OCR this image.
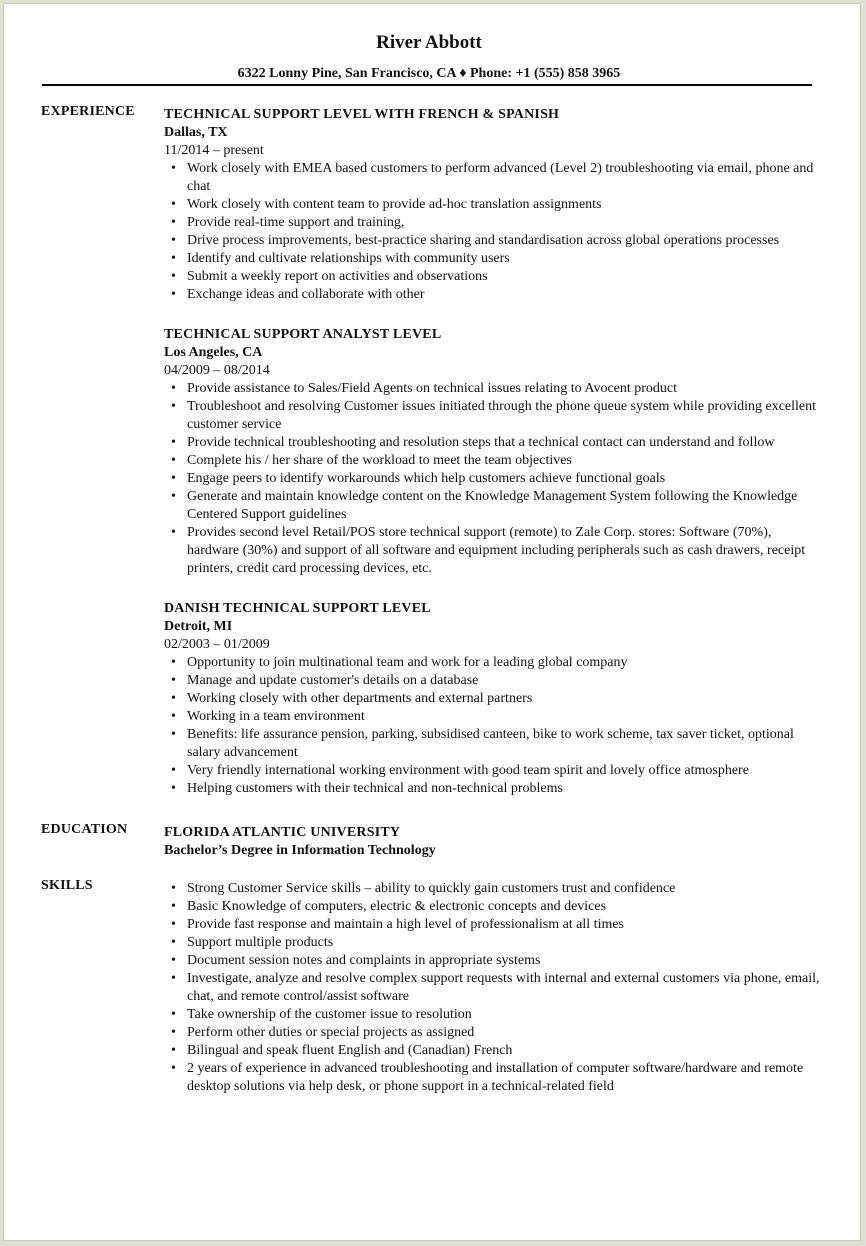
River Abbott
6322 Lonny Pine, San Francisco, CA ♦ Phone: +1 (555) 858 3965
EXPERIENCE TECHNICAL SUPPORT LEVEL WITH FRENCH & SPANISH
Dallas, TX
11/2014 – present
• Work closely with EMEA based customers to perform advanced (Level 2) troubleshooting via email, phone and chat
• Work closely with content team to provide ad-hoc translation assignments
• Provide real-time support and training,
• Drive process improvements, best-practice sharing and standardisation across global operations processes
• Identify and cultivate relationships with community users
• Submit a weekly report on activities and observations
• Exchange ideas and collaborate with other
TECHNICAL SUPPORT ANALYST LEVEL
Los Angeles, CA
04/2009 – 08/2014
• Provide assistance to Sales/Field Agents on technical issues relating to Avocent product
• Troubleshoot and resolving Customer issues initiated through the phone queue system while providing excellent customer service
• Provide technical troubleshooting and resolution steps that a technical contact can understand and follow
• Complete his / her share of the workload to meet the team objectives
• Engage peers to identify workarounds which help customers achieve functional goals
• Generate and maintain knowledge content on the Knowledge Management System following the Knowledge Centered Support guidelines
• Provides second level Retail/POS store technical support (remote) to Zale Corp. stores: Software (70%), hardware (30%) and support of all software and equipment including peripherals such as cash drawers, receipt printers, credit card processing devices, etc.
DANISH TECHNICAL SUPPORT LEVEL
Detroit, MI
02/2003 – 01/2009
• Opportunity to join multinational team and work for a leading global company
• Manage and update customer's details on a database
• Working closely with other departments and external partners
• Working in a team environment
• Benefits: life assurance pension, parking, subsidised canteen, bike to work scheme, tax saver ticket, optional salary advancement
• Very friendly international working environment with good team spirit and lovely office atmosphere
• Helping customers with their technical and non-technical problems
EDUCATION	FLORIDA ATLANTIC UNIVERSITY
Bachelor’s Degree in Information Technology
SKILLS
•	Strong Customer Service skills – ability to quickly gain customers trust and confidence
• Basic Knowledge of computers, electric & electronic concepts and devices
• Provide fast response and maintain a high level of professionalism at all times
• Support multiple products
• Document session notes and complaints in appropriate systems
• Investigate, analyze and resolve complex support requests with internal and external customers via phone, email, chat, and remote control/assist software
• Take ownership of the customer issue to resolution
• Perform other duties or special projects as assigned
• Bilingual and speak fluent English and (Canadian) French
• 2 years of experience in advanced troubleshooting and installation of computer software/hardware and remote desktop solutions via help desk, or phone support in a technical-related field
